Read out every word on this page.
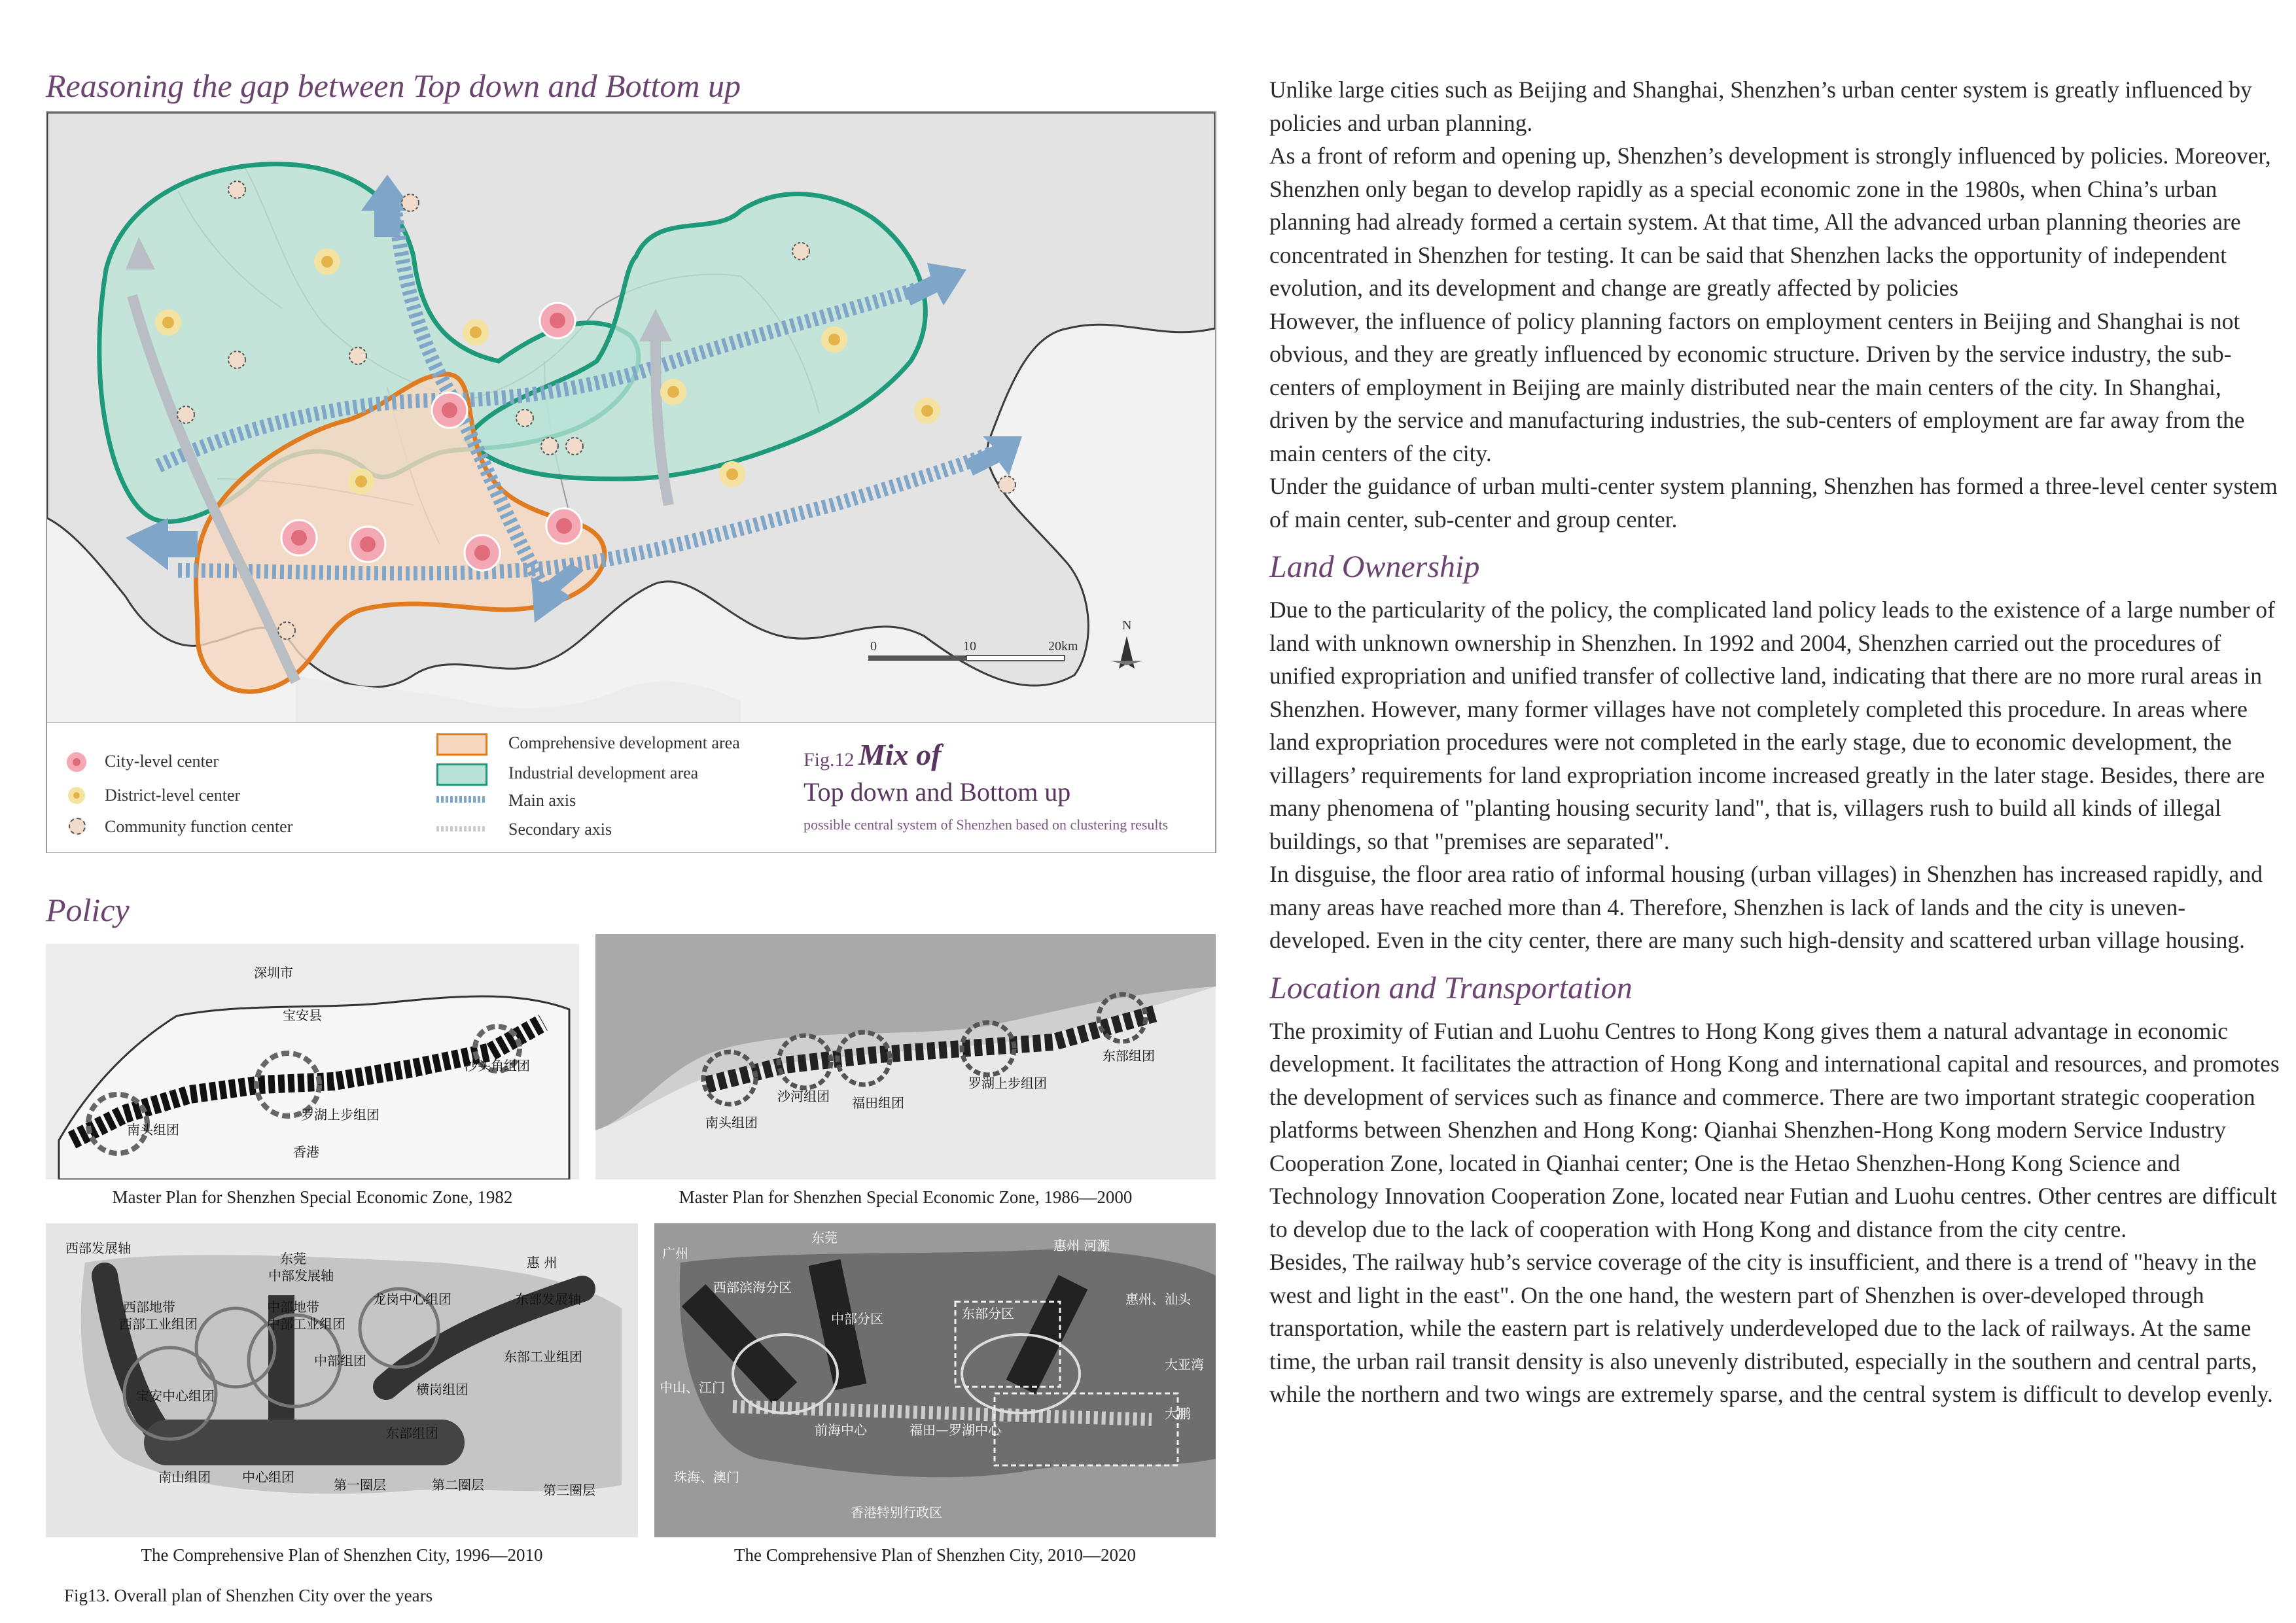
Reasoning the gap between Top down and Bottom up
0	10	20km
N
City-level center
District-level center
Community function center
Comprehensive development area
Industrial development area
Main axis
Secondary axis
Fig.12 Mix of
Top down and Bottom up
possible central system of Shenzhen based on clustering results
Policy
深圳市
宝安县
沙头角组团
南头组团
罗湖上步组团
香港
Master Plan for Shenzhen Special Economic Zone, 1982
沙河组团 福田组团
罗湖上步组团
东部组团
南头组团
Master Plan for Shenzhen Special Economic Zone, 1986—2000
西部发展轴
东莞	惠 州
中部发展轴
西部地带	中部地带	龙岗中心组团	东部发展轴
西部工业组团	中部工业组团
东部工业组团
中部组团
宝安中心组团	横岗组团
东部组团
南山组团 中心组团	第一圈层	第二圈层	第三圈层
The Comprehensive Plan of Shenzhen City, 1996—2010
广州
东莞	惠州 河源
西部滨海分区
中部分区	东部分区
惠州、汕头
中山、江门
大亚湾
前海中心	福田—罗湖中心
大鹏
珠海、澳门
香港特别行政区
The Comprehensive Plan of Shenzhen City, 2010—2020
Fig13. Overall plan of Shenzhen City over the years

Unlike large cities such as Beijing and Shanghai, Shenzhen’s urban center system is greatly influenced by policies and urban planning.

As a front of reform and opening up, Shenzhen’s development is strongly influenced by policies. Moreover, Shenzhen only began to develop rapidly as a special economic zone in the 1980s, when China’s urban planning had already formed a certain system. At that time, All the advanced urban planning theories are concentrated in Shenzhen for testing. It can be said that Shenzhen lacks the opportunity of independent evolution, and its development and change are greatly affected by policies

However, the influence of policy planning factors on employment centers in Beijing and Shanghai is not obvious, and they are greatly influenced by economic structure. Driven by the service industry, the sub-centers of employment in Beijing are mainly distributed near the main centers of the city. In Shanghai, driven by the service and manufacturing industries, the sub-centers of employment are far away from the main centers of the city.

Under the guidance of urban multi-center system planning, Shenzhen has formed a three-level center system of main center, sub-center and group center.

Land Ownership

Due to the particularity of the policy, the complicated land policy leads to the existence of a large number of land with unknown ownership in Shenzhen. In 1992 and 2004, Shenzhen carried out the procedures of unified expropriation and unified transfer of collective land, indicating that there are no more rural areas in Shenzhen. However, many former villages have not completely completed this procedure. In areas where land expropriation procedures were not completed in the early stage, due to economic development, the villagers’ requirements for land expropriation income increased greatly in the later stage. Besides, there are many phenomena of "planting housing security land", that is, villagers rush to build all kinds of illegal buildings, so that "premises are separated".

In disguise, the floor area ratio of informal housing (urban villages) in Shenzhen has increased rapidly, and many areas have reached more than 4. Therefore, Shenzhen is lack of lands and the city is uneven-developed. Even in the city center, there are many such high-density and scattered urban village housing.

Location and Transportation

The proximity of Futian and Luohu Centres to Hong Kong gives them a natural advantage in economic development. It facilitates the attraction of Hong Kong and international capital and resources, and promotes the development of services such as finance and commerce. There are two important strategic cooperation platforms between Shenzhen and Hong Kong: Qianhai Shenzhen-Hong Kong modern Service Industry Cooperation Zone, located in Qianhai center; One is the Hetao Shenzhen-Hong Kong Science and Technology Innovation Cooperation Zone, located near Futian and Luohu centres. Other centres are difficult to develop due to the lack of cooperation with Hong Kong and distance from the city centre.

Besides, The railway hub’s service coverage of the city is insufficient, and there is a trend of "heavy in the west and light in the east". On the one hand, the western part of Shenzhen is over-developed through transportation, while the eastern part is relatively underdeveloped due to the lack of railways. At the same time, the urban rail transit density is also unevenly distributed, especially in the southern and central parts, while the northern and two wings are extremely sparse, and the central system is difficult to develop evenly.
